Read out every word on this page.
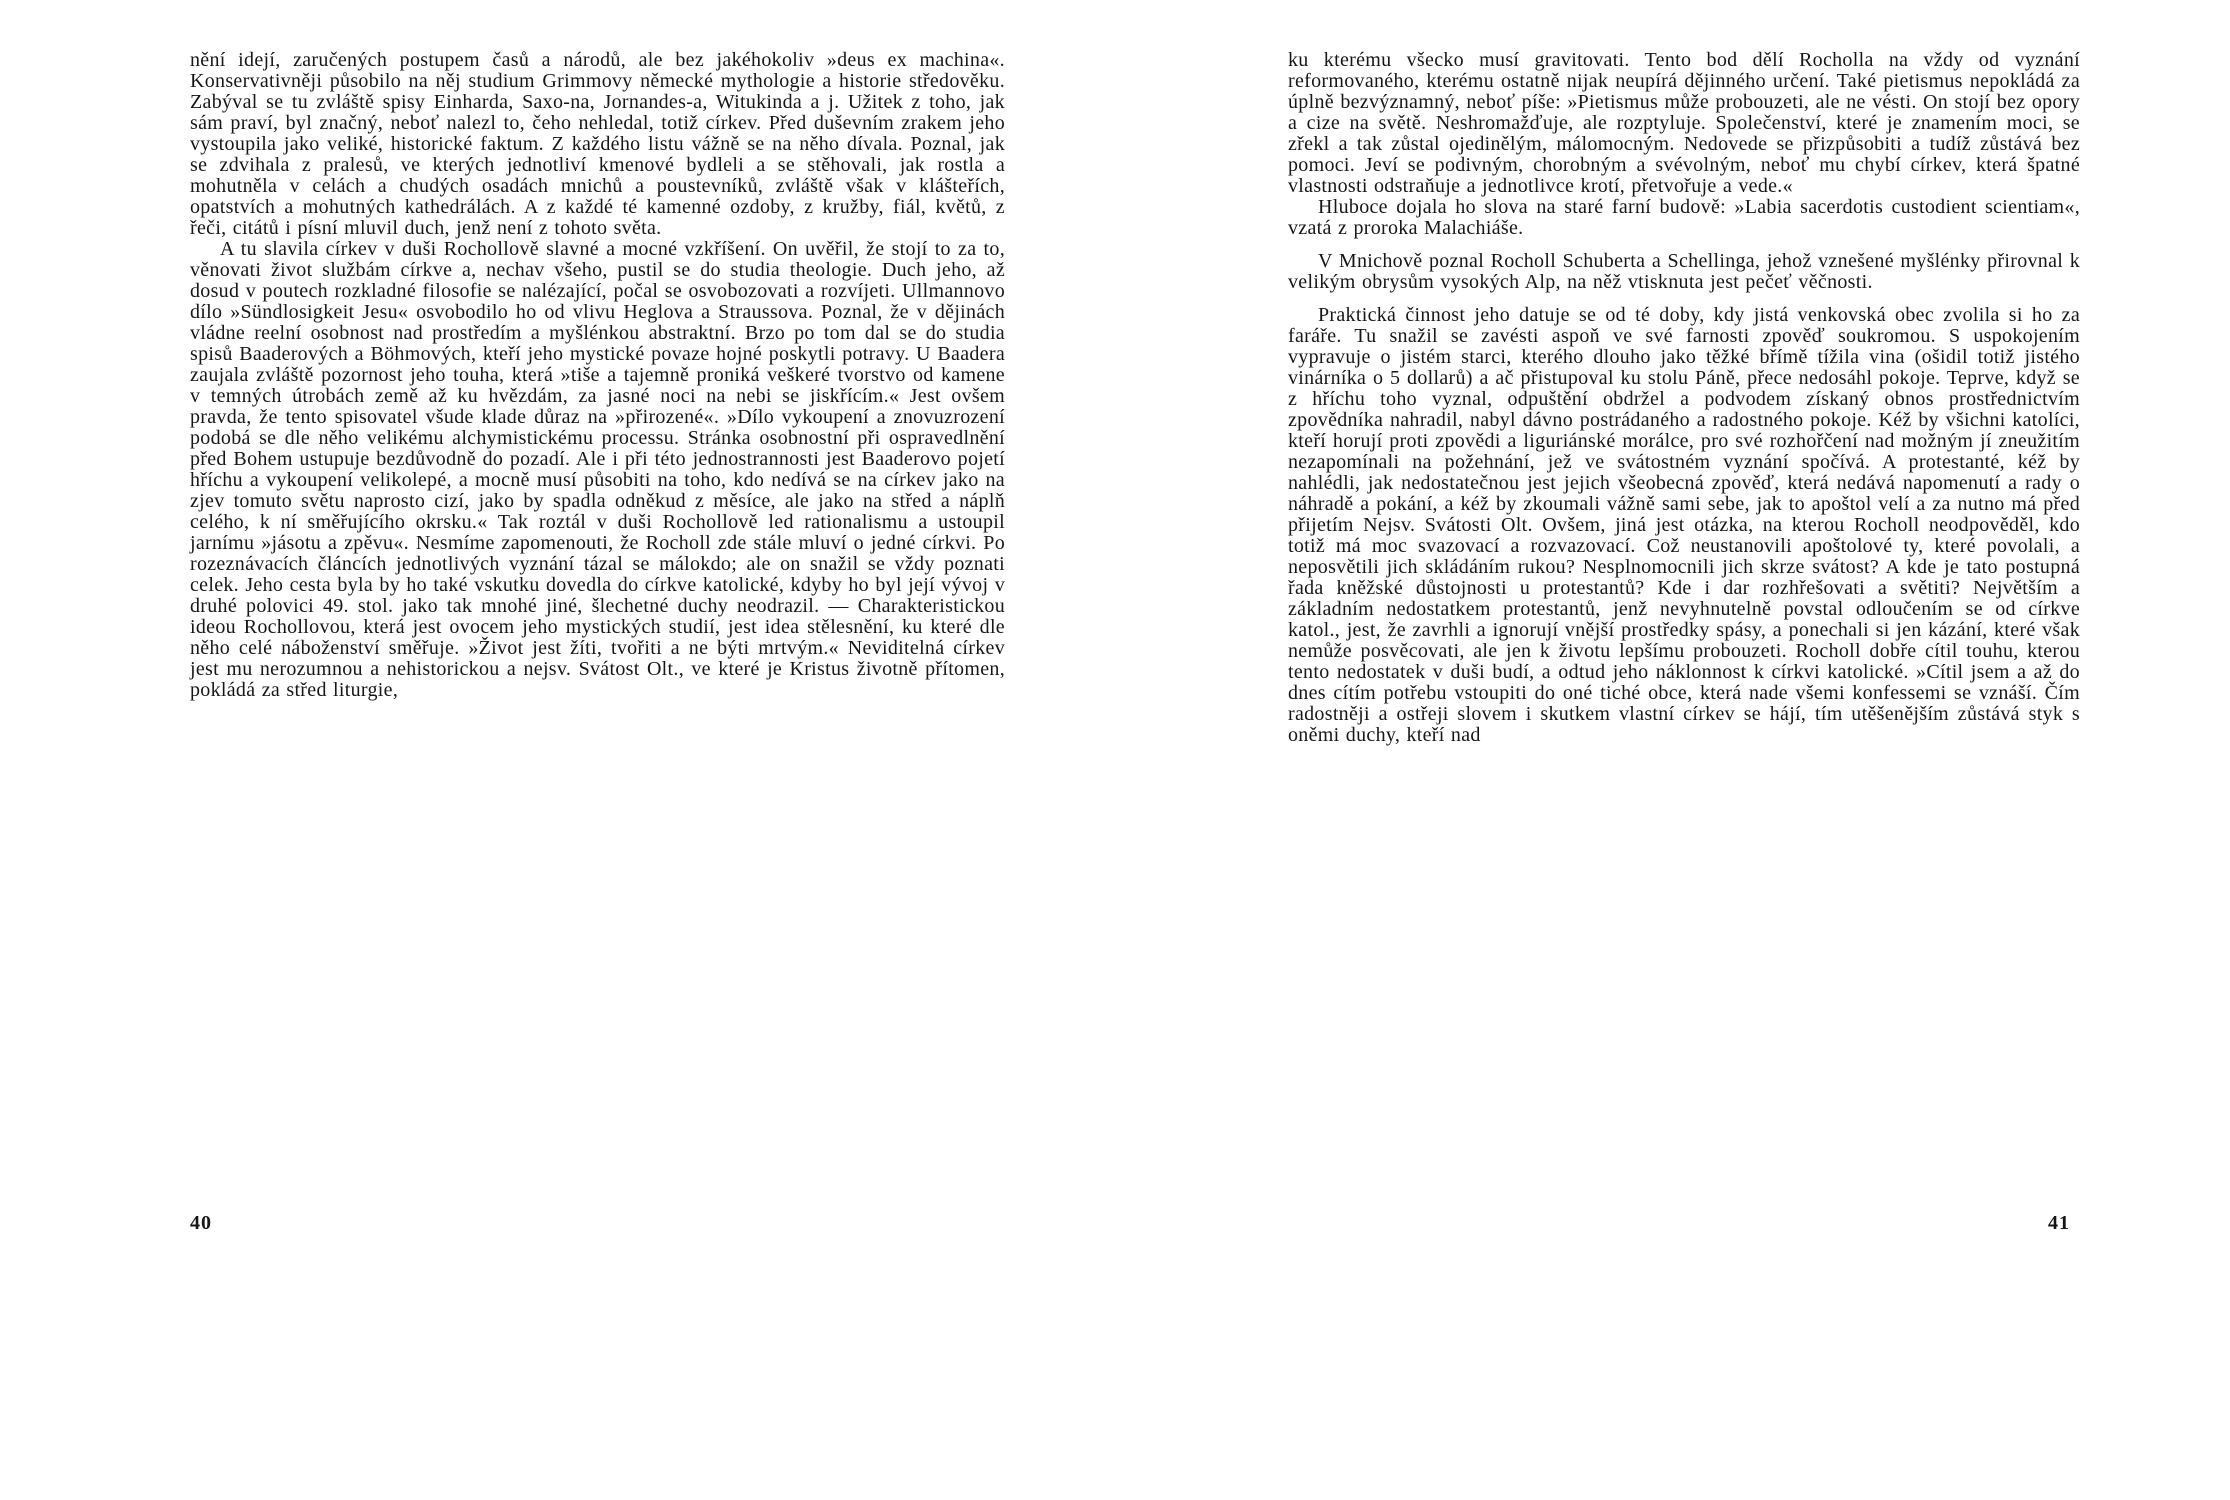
nění idejí, zaručených postupem časů a národů, ale bez jakéhokoliv »deus ex machina«. Konservativněji působilo na něj studium Grimmovy německé mythologie a historie středověku. Zabýval se tu zvláště spisy Einharda, Saxo-na, Jornandes-a, Witukinda a j. Užitek z toho, jak sám praví, byl značný, neboť nalezl to, čeho nehledal, totiž církev. Před duševním zrakem jeho vystoupila jako veliké, historické faktum. Z každého listu vážně se na něho dívala. Poznal, jak se zdvihala z pralesů, ve kterých jednotliví kmenové bydleli a se stěhovali, jak rostla a mohutněla v celách a chudých osadách mnichů a poustevníků, zvláště však v klášteřích, opatstvích a mohutných kathedrálách. A z každé té kamenné ozdoby, z kružby, fiál, květů, z řeči, citátů i písní mluvil duch, jenž není z tohoto světa.

A tu slavila církev v duši Rochollově slavné a mocné vzkříšení. On uvěřil, že stojí to za to, věnovati život službám církve a, nechav všeho, pustil se do studia theologie. Duch jeho, až dosud v poutech rozkladné filosofie se nalézající, počal se osvobozovati a rozvíjeti. Ullmannovo dílo »Sündlosigkeit Jesu« osvobodilo ho od vlivu Heglova a Straussova. Poznal, že v dějinách vládne reelní osobnost nad prostředím a myšlénkou abstraktní. Brzo po tom dal se do studia spisů Baaderových a Böhmových, kteří jeho mystické povaze hojné poskytli potravy. U Baadera zaujala zvláště pozornost jeho touha, která »tiše a tajemně proniká veškeré tvorstvo od kamene v temných útrobách země až ku hvězdám, za jasné noci na nebi se jiskřícím.« Jest ovšem pravda, že tento spisovatel všude klade důraz na »přirozené«. »Dílo vykoupení a znovuzrození podobá se dle něho velikému alchymistickému processu. Stránka osobnostní při ospravedlnění před Bohem ustupuje bezdůvodně do pozadí. Ale i při této jednostrannosti jest Baaderovo pojetí hříchu a vykoupení velikolepé, a mocně musí působiti na toho, kdo nedívá se na církev jako na zjev tomuto světu naprosto cizí, jako by spadla odněkud z měsíce, ale jako na střed a náplň celého, k ní směřujícího okrsku.« Tak roztál v duši Rochollově led rationalismu a ustoupil jarnímu »jásotu a zpěvu«. Nesmíme zapomenouti, že Rocholl zde stále mluví o jedné církvi. Po rozeznávacích článcích jednotlivých vyznání tázal se málokdo; ale on snažil se vždy poznati celek. Jeho cesta byla by ho také vskutku dovedla do církve katolické, kdyby ho byl její vývoj v druhé polovici 49. stol. jako tak mnohé jiné, šlechetné duchy neodrazil. — Charakteristickou ideou Rochollovou, která jest ovocem jeho mystických studií, jest idea stělesnění, ku které dle něho celé náboženství směřuje. »Život jest žíti, tvořiti a ne býti mrtvým.« Neviditelná církev jest mu nerozumnou a nehistorickou a nejsv. Svátost Olt., ve které je Kristus životně přítomen, pokládá za střed liturgie,

40

ku kterému všecko musí gravitovati. Tento bod dělí Rocholla na vždy od vyznání reformovaného, kterému ostatně nijak neupírá dějinného určení. Také pietismus nepokládá za úplně bezvýznamný, neboť píše: »Pietismus může probouzeti, ale ne vésti. On stojí bez opory a cize na světě. Neshromažďuje, ale rozptyluje. Společenství, které je znamením moci, se zřekl a tak zůstal ojedinělým, málomocným. Nedovede se přizpůsobiti a tudíž zůstává bez pomoci. Jeví se podivným, chorobným a svévolným, neboť mu chybí církev, která špatné vlastnosti odstraňuje a jednotlivce krotí, přetvořuje a vede.«

Hluboce dojala ho slova na staré farní budově: »Labia sacerdotis custodient scientiam«, vzatá z proroka Malachiáše.

V Mnichově poznal Rocholl Schuberta a Schellinga, jehož vznešené myšlénky přirovnal k velikým obrysům vysokých Alp, na něž vtisknuta jest pečeť věčnosti.

Praktická činnost jeho datuje se od té doby, kdy jistá venkovská obec zvolila si ho za faráře. Tu snažil se zavésti aspoň ve své farnosti zpověď soukromou. S uspokojením vypravuje o jistém starci, kterého dlouho jako těžké břímě tížila vina (ošidil totiž jistého vinárníka o 5 dollarů) a ač přistupoval ku stolu Páně, přece nedosáhl pokoje. Teprve, když se z hříchu toho vyznal, odpuštění obdržel a podvodem získaný obnos prostřednictvím zpovědníka nahradil, nabyl dávno postrádaného a radostného pokoje. Kéž by všichni katolíci, kteří horují proti zpovědi a liguriánské morálce, pro své rozhořčení nad možným jí zneužitím nezapomínali na požehnání, jež ve svátostném vyznání spočívá. A protestanté, kéž by nahlédli, jak nedostatečnou jest jejich všeobecná zpověď, která nedává napomenutí a rady o náhradě a pokání, a kéž by zkoumali vážně sami sebe, jak to apoštol velí a za nutno má před přijetím Nejsv. Svátosti Olt. Ovšem, jiná jest otázka, na kterou Rocholl neodpověděl, kdo totiž má moc svazovací a rozvazovací. Což neustanovili apoštolové ty, které povolali, a neposvětili jich skládáním rukou? Nesplnomocnili jich skrze svátost? A kde je tato postupná řada kněžské důstojnosti u protestantů? Kde i dar rozhřešovati a světiti? Největším a základním nedostatkem protestantů, jenž nevyhnutelně povstal odloučením se od církve katol., jest, že zavrhli a ignorují vnější prostředky spásy, a ponechali si jen kázání, které však nemůže posvěcovati, ale jen k životu lepšímu probouzeti. Rocholl dobře cítil touhu, kterou tento nedostatek v duši budí, a odtud jeho náklonnost k církvi katolické. »Cítil jsem a až do dnes cítím potřebu vstoupiti do oné tiché obce, která nade všemi konfessemi se vznáší. Čím radostněji a ostřeji slovem i skutkem vlastní církev se hájí, tím utěšenějším zůstává styk s oněmi duchy, kteří nad

41
